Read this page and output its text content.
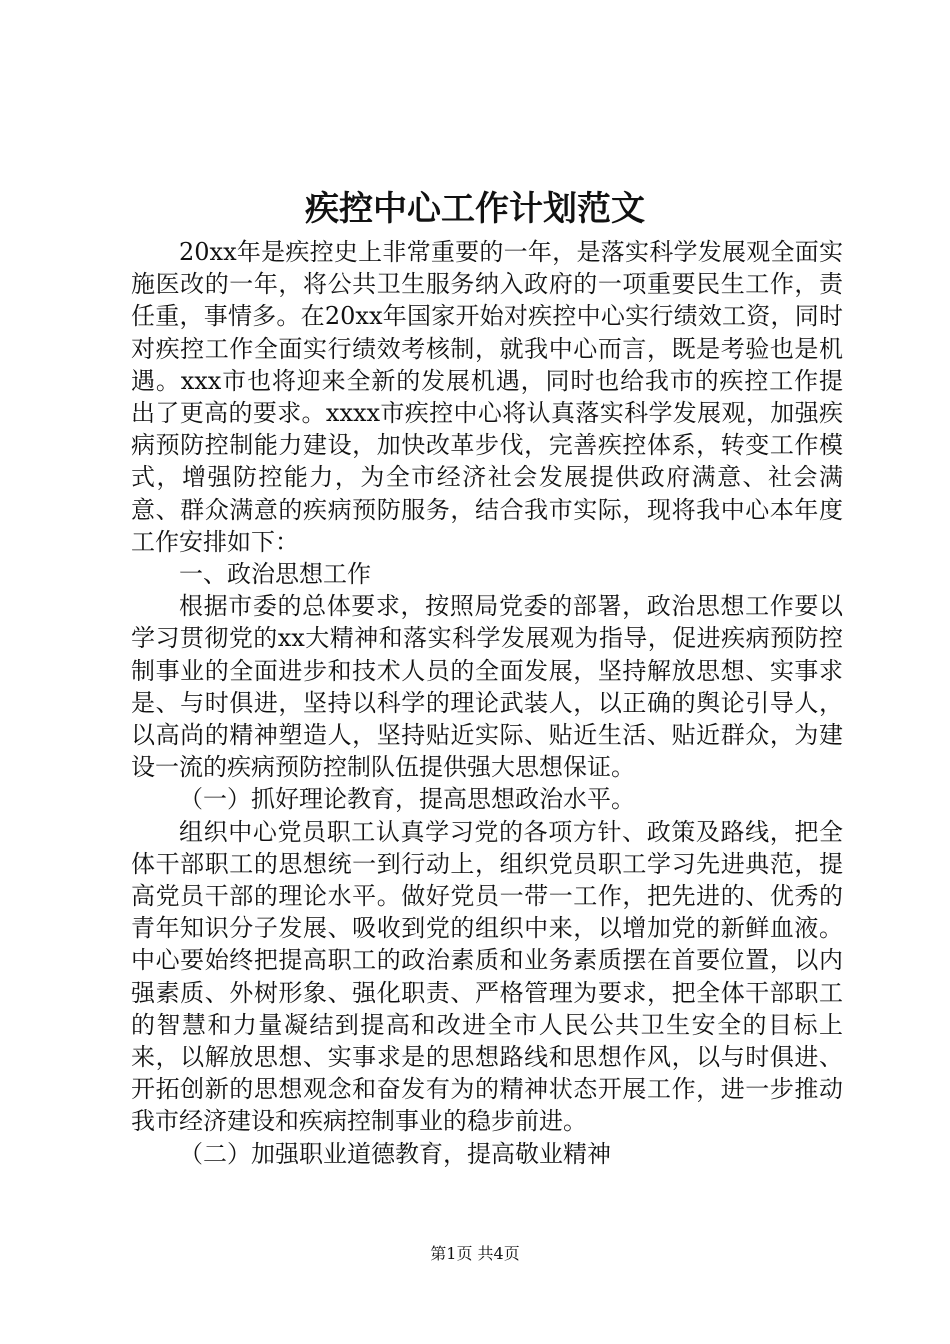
疾控中心工作计划范文

20xx年是疾控史上非常重要的一年，是落实科学发展观全面实施医改的一年，将公共卫生服务纳入政府的一项重要民生工作，责任重，事情多。在20xx年国家开始对疾控中心实行绩效工资，同时对疾控工作全面实行绩效考核制，就我中心而言，既是考验也是机遇。xxx市也将迎来全新的发展机遇，同时也给我市的疾控工作提出了更高的要求。xxxx市疾控中心将认真落实科学发展观，加强疾病预防控制能力建设，加快改革步伐，完善疾控体系，转变工作模式，增强防控能力，为全市经济社会发展提供政府满意、社会满意、群众满意的疾病预防服务，结合我市实际，现将我中心本年度工作安排如下：

一、政治思想工作

根据市委的总体要求，按照局党委的部署，政治思想工作要以学习贯彻党的xx大精神和落实科学发展观为指导，促进疾病预防控制事业的全面进步和技术人员的全面发展，坚持解放思想、实事求是、与时俱进，坚持以科学的理论武装人，以正确的舆论引导人，以高尚的精神塑造人，坚持贴近实际、贴近生活、贴近群众，为建设一流的疾病预防控制队伍提供强大思想保证。

（一）抓好理论教育，提高思想政治水平。

组织中心党员职工认真学习党的各项方针、政策及路线，把全体干部职工的思想统一到行动上，组织党员职工学习先进典范，提高党员干部的理论水平。做好党员一带一工作，把先进的、优秀的青年知识分子发展、吸收到党的组织中来，以增加党的新鲜血液。中心要始终把提高职工的政治素质和业务素质摆在首要位置，以内强素质、外树形象、强化职责、严格管理为要求，把全体干部职工的智慧和力量凝结到提高和改进全市人民公共卫生安全的目标上来，以解放思想、实事求是的思想路线和思想作风，以与时俱进、开拓创新的思想观念和奋发有为的精神状态开展工作，进一步推动我市经济建设和疾病控制事业的稳步前进。

（二）加强职业道德教育，提高敬业精神

第1页 共4页
